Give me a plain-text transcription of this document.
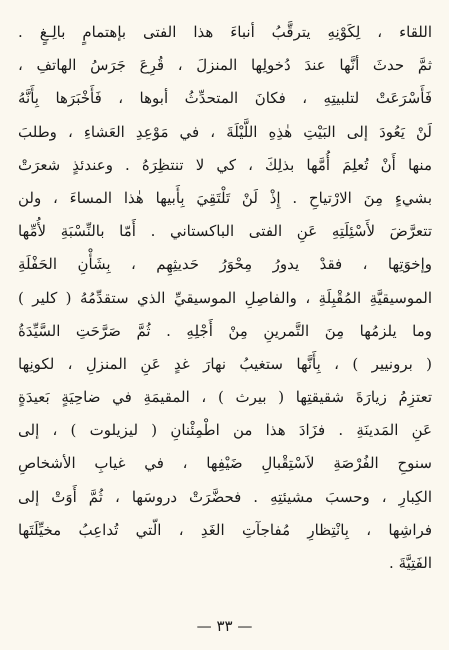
اللقاء ، لِكَوْنِهِ يترقَّبُ أنباءَ هذا الفتى بإهتمامٍ بالِـغٍ .
ثمَّ حدثَ أنَّها عندَ دُخولِها المنزلَ ، قُرِعَ جَرَسُ الهاتفِ ،
فَأَسْرَعَتْ لتلبيتِهِ ، فكانَ المتحدِّثُ أبوها ، فَأَخْبَرَها بِأَنَّهُ
لَنْ يَعُودَ إلى البَيْتِ هٰذِهِ اللَّيْلَةَ ، في مَوْعِدِ العَشاءِ ، وطلبَ
منها أَنْ تُعلِمَ أُمَّها بذلِكَ ، كي لا تنتظِرَهُ . وعندئذٍ شعرَتْ
بشيءٍ مِنَ الارْتياحِ . إِذْ لَنْ تَلْتَقِيَ بِأَبيها هٰذا المساءَ ، ولن
تتعرَّضَ لأَسْئِلَتِهِ عَنِ الفتى الباكستاني . أَمّا بالنِّسْبَةِ لأُمِّها
وإخوَتِها ، فقدْ يدورُ مِحْوَرُ حَديثِهِم ، بِشَأْنِ الحَفْلَةِ
الموسيقيَّةِ المُقْبِلَةِ ، والفاصِلِ الموسيقيِّ الذي ستقدِّمُهُ ( كلير )
وما يلزمُها مِنَ التَّمرينِ مِنْ أَجْلِهِ . ثُمَّ صَرَّحَتِ السَّيِّدَةُ
( برونيير ) ، بِأَنَّها ستغيبُ نهارَ غدٍ عَنِ المنزلِ ، لكونِها
تعتزِمُ زيارَةَ شقيقتِها ( بيرث ) ، المقيمَةِ في ضاحِيَةٍ بَعيدَةٍ
عَنِ المَدينَةِ . فزَادَ هذا من اطْمِئْنانِ ( ليزيلوت ) ، إلى
سنوحِ الفُرْصَةِ لاَسْتِقْبالِ ضَيْفِها ، في غيابِ الأشخاصِ
الكِبارِ ، وحسبَ مشيئتِهِ . فحضَّرَتْ دروسَها ، ثُمَّ أَوَتْ إلى
فراشِها ، بِانْتِظارِ مُفاجآتِ الغَدِ ، الّتي تُداعِبُ مخيِّلَتَها
الفَتِيَّةَ .
— ٣٣ —
